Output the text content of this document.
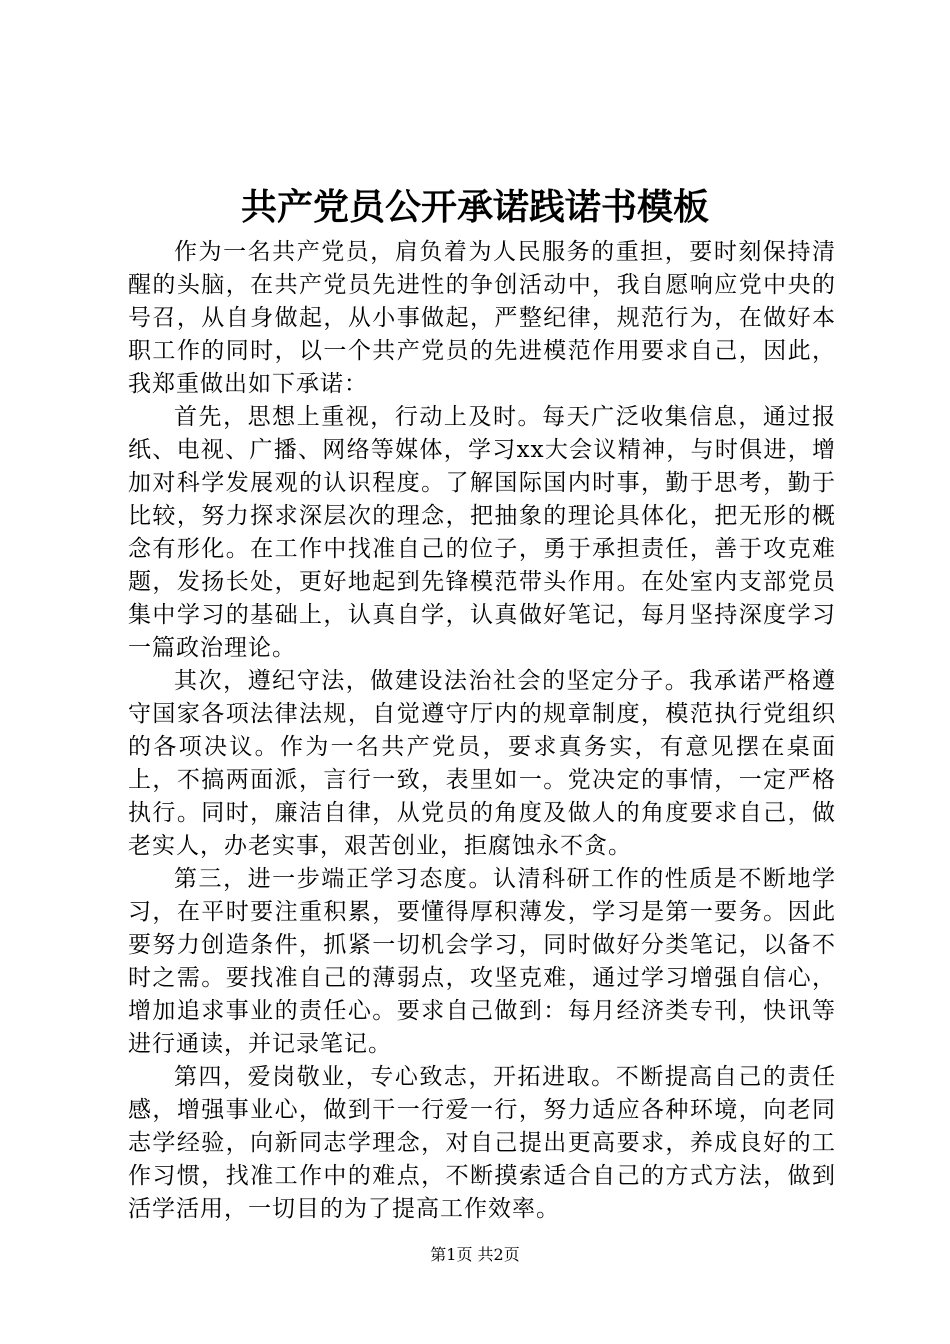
共产党员公开承诺践诺书模板

作为一名共产党员，肩负着为人民服务的重担，要时刻保持清醒的头脑，在共产党员先进性的争创活动中，我自愿响应党中央的号召，从自身做起，从小事做起，严整纪律，规范行为，在做好本职工作的同时，以一个共产党员的先进模范作用要求自己，因此，我郑重做出如下承诺：

首先，思想上重视，行动上及时。每天广泛收集信息，通过报纸、电视、广播、网络等媒体，学习xx大会议精神，与时俱进，增加对科学发展观的认识程度。了解国际国内时事，勤于思考，勤于比较，努力探求深层次的理念，把抽象的理论具体化，把无形的概念有形化。在工作中找准自己的位子，勇于承担责任，善于攻克难题，发扬长处，更好地起到先锋模范带头作用。在处室内支部党员集中学习的基础上，认真自学，认真做好笔记，每月坚持深度学习一篇政治理论。

其次，遵纪守法，做建设法治社会的坚定分子。我承诺严格遵守国家各项法律法规，自觉遵守厅内的规章制度，模范执行党组织的各项决议。作为一名共产党员，要求真务实，有意见摆在桌面上，不搞两面派，言行一致，表里如一。党决定的事情，一定严格执行。同时，廉洁自律，从党员的角度及做人的角度要求自己，做老实人，办老实事，艰苦创业，拒腐蚀永不贪。

第三，进一步端正学习态度。认清科研工作的性质是不断地学习，在平时要注重积累，要懂得厚积薄发，学习是第一要务。因此要努力创造条件，抓紧一切机会学习，同时做好分类笔记，以备不时之需。要找准自己的薄弱点，攻坚克难，通过学习增强自信心，增加追求事业的责任心。要求自己做到：每月经济类专刊，快讯等进行通读，并记录笔记。

第四，爱岗敬业，专心致志，开拓进取。不断提高自己的责任感，增强事业心，做到干一行爱一行，努力适应各种环境，向老同志学经验，向新同志学理念，对自己提出更高要求，养成良好的工作习惯，找准工作中的难点，不断摸索适合自己的方式方法，做到活学活用，一切目的为了提高工作效率。

第1页 共2页
